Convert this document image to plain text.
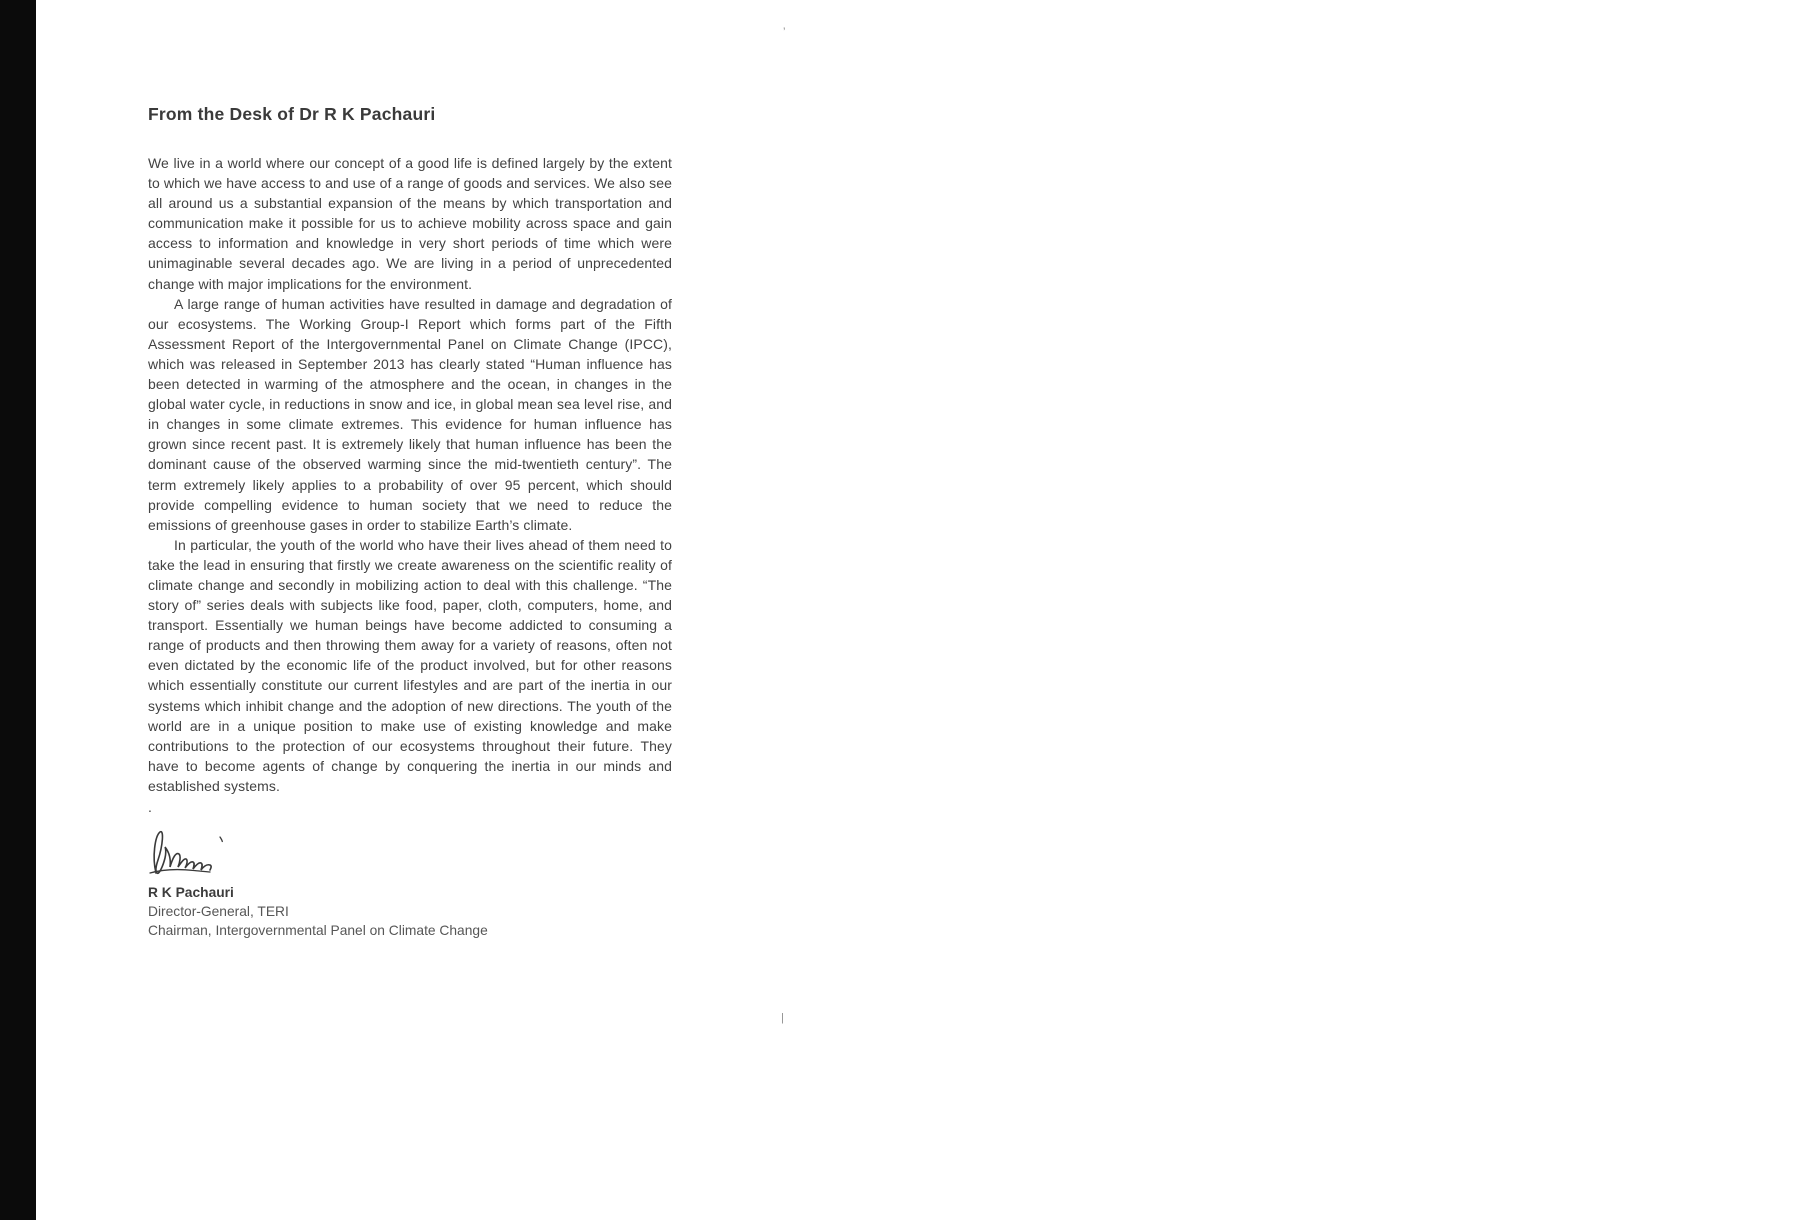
’
From the Desk of Dr R K Pachauri

We live in a world where our concept of a good life is defined largely by the extent to which we have access to and use of a range of goods and services. We also see all around us a substantial expansion of the means by which transportation and communication make it possible for us to achieve mobility across space and gain access to information and knowledge in very short periods of time which were unimaginable several decades ago. We are living in a period of unprecedented change with major implications for the environment.

A large range of human activities have resulted in damage and degradation of our ecosystems. The Working Group-I Report which forms part of the Fifth Assessment Report of the Intergovernmental Panel on Climate Change (IPCC), which was released in September 2013 has clearly stated “Human influence has been detected in warming of the atmosphere and the ocean, in changes in the global water cycle, in reductions in snow and ice, in global mean sea level rise, and in changes in some climate extremes. This evidence for human influence has grown since recent past. It is extremely likely that human influence has been the dominant cause of the observed warming since the mid-twentieth century”. The term extremely likely applies to a probability of over 95 percent, which should provide compelling evidence to human society that we need to reduce the emissions of greenhouse gases in order to stabilize Earth’s climate.

In particular, the youth of the world who have their lives ahead of them need to take the lead in ensuring that firstly we create awareness on the scientific reality of climate change and secondly in mobilizing action to deal with this challenge. “The story of” series deals with subjects like food, paper, cloth, computers, home, and transport. Essentially we human beings have become addicted to consuming a range of products and then throwing them away for a variety of reasons, often not even dictated by the economic life of the product involved, but for other reasons which essentially constitute our current lifestyles and are part of the inertia in our systems which inhibit change and the adoption of new directions. The youth of the world are in a unique position to make use of existing knowledge and make contributions to the protection of our ecosystems throughout their future. They have to become agents of change by conquering the inertia in our minds and established systems.

.
R K Pachauri
Director-General, TERI
Chairman, Intergovernmental Panel on Climate Change
|
